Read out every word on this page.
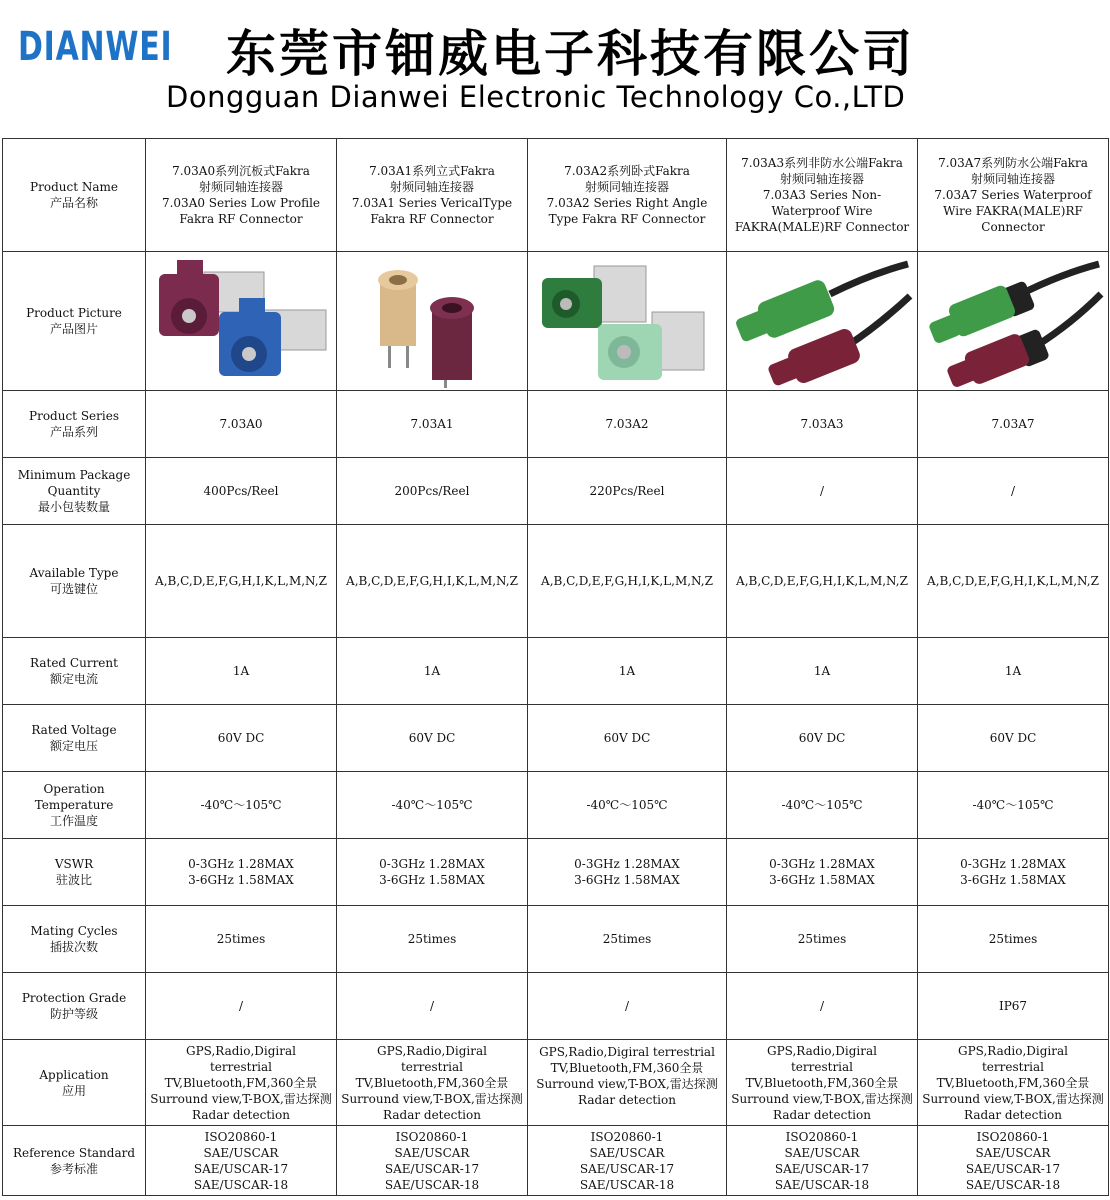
DIANWEI 东莞市钿威电子科技有限公司
Dongguan Dianwei Electronic Technology Co.,LTD
Product Name
产品名称	7.03A0系列沉板式Fakra
射频同轴连接器
7.03A0 Series Low Profile
Fakra RF Connector	7.03A1系列立式Fakra
射频同轴连接器
7.03A1 Series VericalType
Fakra RF Connector	7.03A2系列卧式Fakra
射频同轴连接器
7.03A2 Series Right Angle
Type Fakra RF Connector	7.03A3系列非防水公端Fakra
射频同轴连接器
7.03A3 Series Non-
Waterproof Wire
FAKRA(MALE)RF Connector	7.03A7系列防水公端Fakra
射频同轴连接器
7.03A7 Series Waterproof
Wire FAKRA(MALE)RF
Connector

Product Picture
产品图片

Product Series
产品系列	7.03A0	7.03A1	7.03A2	7.03A3	7.03A7

Minimum Package
Quantity
最小包装数量	400Pcs/Reel	200Pcs/Reel	220Pcs/Reel	/	/

Available Type
可选键位	A,B,C,D,E,F,G,H,I,K,L,M,N,Z	A,B,C,D,E,F,G,H,I,K,L,M,N,Z	A,B,C,D,E,F,G,H,I,K,L,M,N,Z	A,B,C,D,E,F,G,H,I,K,L,M,N,Z	A,B,C,D,E,F,G,H,I,K,L,M,N,Z

Rated Current
额定电流	1A	1A	1A	1A	1A

Rated Voltage
额定电压	60V DC	60V DC	60V DC	60V DC	60V DC

Operation
Temperature
工作温度	-40℃～105℃	-40℃～105℃	-40℃～105℃	-40℃～105℃	-40℃～105℃

VSWR
驻波比	0-3GHz 1.28MAX
3-6GHz 1.58MAX	0-3GHz 1.28MAX
3-6GHz 1.58MAX	0-3GHz 1.28MAX
3-6GHz 1.58MAX	0-3GHz 1.28MAX
3-6GHz 1.58MAX	0-3GHz 1.28MAX
3-6GHz 1.58MAX

Mating Cycles
插拔次数	25times	25times	25times	25times	25times

Protection Grade
防护等级	/	/	/	/	IP67

Application
应用	GPS,Radio,Digiral
terrestrial
TV,Bluetooth,FM,360全景
Surround view,T-BOX,雷达探测
Radar detection	GPS,Radio,Digiral
terrestrial
TV,Bluetooth,FM,360全景
Surround view,T-BOX,雷达探测
Radar detection	GPS,Radio,Digiral terrestrial
TV,Bluetooth,FM,360全景
Surround view,T-BOX,雷达探测
Radar detection	GPS,Radio,Digiral
terrestrial
TV,Bluetooth,FM,360全景
Surround view,T-BOX,雷达探测
Radar detection	GPS,Radio,Digiral
terrestrial
TV,Bluetooth,FM,360全景
Surround view,T-BOX,雷达探测
Radar detection

Reference Standard
参考标准	ISO20860-1
SAE/USCAR
SAE/USCAR-17
SAE/USCAR-18	ISO20860-1
SAE/USCAR
SAE/USCAR-17
SAE/USCAR-18	ISO20860-1
SAE/USCAR
SAE/USCAR-17
SAE/USCAR-18	ISO20860-1
SAE/USCAR
SAE/USCAR-17
SAE/USCAR-18	ISO20860-1
SAE/USCAR
SAE/USCAR-17
SAE/USCAR-18
